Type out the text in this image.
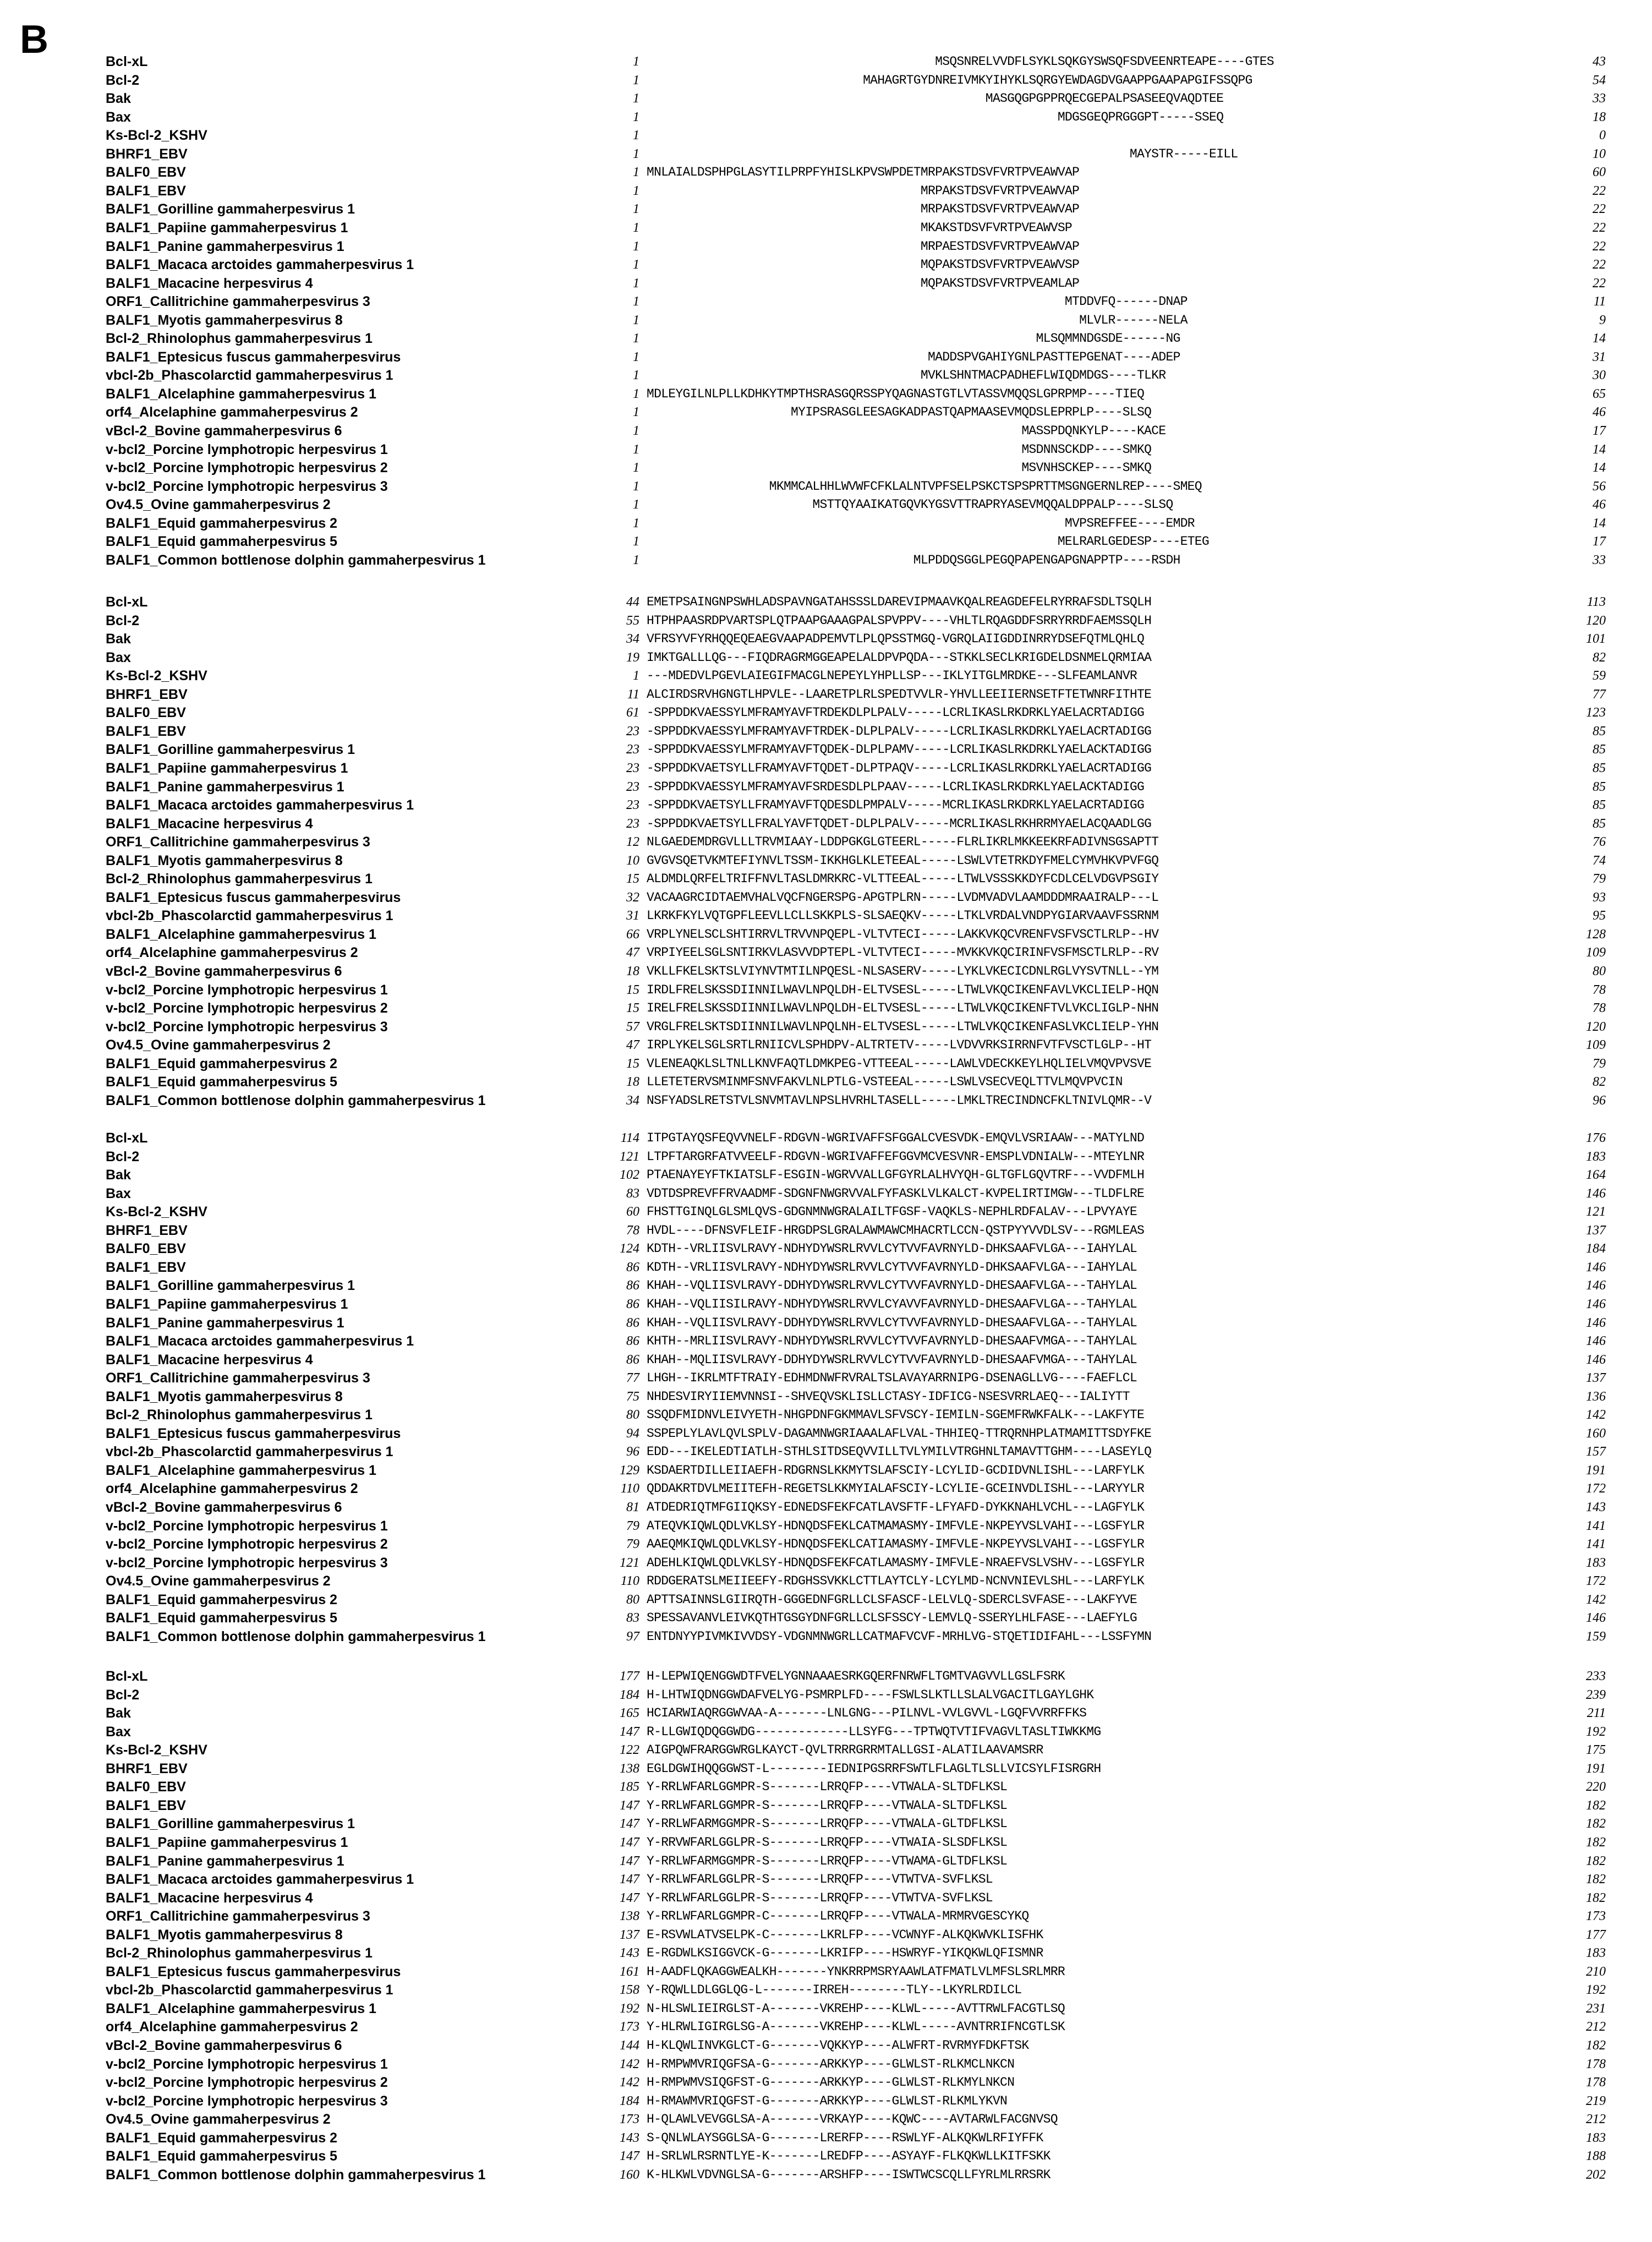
B	Bcl-xL	1 MSQSNRELVVDFLSYKLSQKGYSWSQFSDVEENRTEAPE----GTES	43
Bcl-2	1 MAHAGRTGYDNREIVMKYIHYKLSQRGYEWDAGDVGAAPPGAAPAPGIFSSQPG	54
Bak	1 MASGQGPGPPRQECGEPALPSASEEQVAQDTEE	33
Bax	1 MDGSGEQPRGGGPT-----SSEQ	18
Ks-Bcl-2_KSHV	1	0
BHRF1_EBV	1 MAYSTR-----EILL	10
BALF0_EBV	1 MNLAIALDSPHPGLASYTILPRPFYHISLKPVSWPDETMRPAKSTDSVFVRTPVEAWVAP	60
BALF1_EBV	1 MRPAKSTDSVFVRTPVEAWVAP	22
BALF1_Gorilline gammaherpesvirus 1	1 MRPAKSTDSVFVRTPVEAWVAP	22
BALF1_Papiine gammaherpesvirus 1	1 MKAKSTDSVFVRTPVEAWVSP	22
BALF1_Panine gammaherpesvirus 1	1 MRPAESTDSVFVRTPVEAWVAP	22
BALF1_Macaca arctoides gammaherpesvirus 1	1 MQPAKSTDSVFVRTPVEAWVSP	22
BALF1_Macacine herpesvirus 4	1 MQPAKSTDSVFVRTPVEAMLAP	22
ORF1_Callitrichine gammaherpesvirus 3	1 MTDDVFQ------DNAP	11
BALF1_Myotis gammaherpesvirus 8	1 MLVLR------NELA	9
Bcl-2_Rhinolophus gammaherpesvirus 1	1 MLSQMMNDGSDE------NG	14
BALF1_Eptesicus fuscus gammaherpesvirus	1 MADDSPVGAHIYGNLPASTTEPGENAT----ADEP	31
vbcl-2b_Phascolarctid gammaherpesvirus 1	1 MVKLSHNTMACPADHEFLWIQDMDGS----TLKR	30
BALF1_Alcelaphine gammaherpesvirus 1	1 MDLEYGILNLPLLKDHKYTMPTHSRASGQRSSPYQAGNASTGTLVTASSVMQQSLGPRPMP----TIEQ	65
orf4_Alcelaphine gammaherpesvirus 2	1 MYIPSRASGLEESAGKADPASTQAPMAASEVMQDSLEPRPLP----SLSQ	46
vBcl-2_Bovine gammaherpesvirus 6	1 MASSPDQNKYLP----KACE	17
v-bcl2_Porcine lymphotropic herpesvirus 1	1 MSDNNSCKDP----SMKQ	14
v-bcl2_Porcine lymphotropic herpesvirus 2	1 MSVNHSCKEP----SMKQ	14
v-bcl2_Porcine lymphotropic herpesvirus 3	1 MKMMCALHHLWVWFCFKLALNTVPFSELPSKCTSPSPRTTMSGNGERNLREP----SMEQ	56
Ov4.5_Ovine gammaherpesvirus 2	1 MSTTQYAAIKATGQVKYGSVTTRAPRYASEVMQQALDPPALP----SLSQ	46
BALF1_Equid gammaherpesvirus 2	1 MVPSREFFEE----EMDR	14
BALF1_Equid gammaherpesvirus 5	1 MELRARLGEDESP----ETEG	17
BALF1_Common bottlenose dolphin gammaherpesvirus 1	1 MLPDDQSGGLPEGQPAPENGAPGNAPPTP----RSDH	33
Bcl-xL	44 EMETPSAINGNPSWHLADSPAVNGATAHSSSLDAREVIPMAAVKQALREAGDEFELRYRRAFSDLTSQLH	113
Bcl-2	55 HTPHPAASRDPVARTSPLQTPAAPGAAAGPALSPVPPV----VHLTLRQAGDDFSRRYRRDFAEMSSQLH	120
Bak	34 VFRSYVFYRHQQEQEAEGVAAPADPEMVTLPLQPSSTMGQ-VGRQLAIIGDDINRRYDSEFQTMLQHLQ	101
Bax	19 IMKTGALLLQG---FIQDRAGRMGGEAPELALDPVPQDA---STKKLSECLKRIGDELDSNMELQRMIAA	82
Ks-Bcl-2_KSHV	1 ---MDEDVLPGEVLAIEGIFMACGLNEPEYLYHPLLSP---IKLYITGLMRDKE---SLFEAMLANVR	59
BHRF1_EBV	11 ALCIRDSRVHGNGTLHPVLE--LAARETPLRLSPEDTVVLR-YHVLLEEIIERNSETFTETWNRFITHTE	77
BALF0_EBV	61 -SPPDDKVAESSYLMFRAMYAVFTRDEKDLPLPALV-----LCRLIKASLRKDRKLYAELACRTADIGG	123
BALF1_EBV	23 -SPPDDKVAESSYLMFRAMYAVFTRDEK-DLPLPALV-----LCRLIKASLRKDRKLYAELACRTADIGG	85
BALF1_Gorilline gammaherpesvirus 1	23 -SPPDDKVAESSYLMFRAMYAVFTQDEK-DLPLPAMV-----LCRLIKASLRKDRKLYAELACKTADIGG	85
BALF1_Papiine gammaherpesvirus 1	23 -SPPDDKVAETSYLLFRAMYAVFTQDET-DLPTPAQV-----LCRLIKASLRKDRKLYAELACRTADIGG	85
BALF1_Panine gammaherpesvirus 1	23 -SPPDDKVAESSYLMFRAMYAVFSRDESDLPLPAAV-----LCRLIKASLRKDRKLYAELACKTADIGG	85
BALF1_Macaca arctoides gammaherpesvirus 1	23 -SPPDDKVAETSYLLFRAMYAVFTQDESDLPMPALV-----MCRLIKASLRKDRKLYAELACRTADIGG	85
BALF1_Macacine herpesvirus 4	23 -SPPDDKVAETSYLLFRALYAVFTQDET-DLPLPALV-----MCRLIKASLRKHRRMYAELACQAADLGG	85
ORF1_Callitrichine gammaherpesvirus 3	12 NLGAEDEMDRGVLLLTRVMIAAY-LDDPGKGLGTEERL-----FLRLIKRLMKKEEKRFADIVNSGSAPTT	76
BALF1_Myotis gammaherpesvirus 8	10 GVGVSQETVKMTEFIYNVLTSSM-IKKHGLKLETEEAL-----LSWLVTETRKDYFMELCYMVHKVPVFGQ	74
Bcl-2_Rhinolophus gammaherpesvirus 1	15 ALDMDLQRFELTRIFFNVLTASLDMRKRC-VLTTEEAL-----LTWLVSSSKKDYFCDLCELVDGVPSGIY	79
BALF1_Eptesicus fuscus gammaherpesvirus	32 VACAAGRCIDTAEMVHALVQCFNGERSPG-APGTPLRN-----LVDMVADVLAAMDDDMRAAIRALP---L	93
vbcl-2b_Phascolarctid gammaherpesvirus 1	31 LKRKFKYLVQTGPFLEEVLLCLLSKKPLS-SLSAEQKV-----LTKLVRDALVNDPYGIARVAAVFSSRNM	95
BALF1_Alcelaphine gammaherpesvirus 1	66 VRPLYNELSCLSHTIRRVLTRVVNPQEPL-VLTVTECI-----LAKKVKQCVRENFVSFVSCTLRLP--HV	128
orf4_Alcelaphine gammaherpesvirus 2	47 VRPIYEELSGLSNTIRKVLASVVDPTEPL-VLTVTECI-----MVKKVKQCIRINFVSFMSCTLRLP--RV	109
vBcl-2_Bovine gammaherpesvirus 6	18 VKLLFKELSKTSLVIYNVTMTILNPQESL-NLSASERV-----LYKLVKECICDNLRGLVYSVTNLL--YM	80
v-bcl2_Porcine lymphotropic herpesvirus 1	15 IRDLFRELSKSSDIINNILWAVLNPQLDH-ELTVSESL-----LTWLVKQCIKENFAVLVKCLIELP-HQN	78
v-bcl2_Porcine lymphotropic herpesvirus 2	15 IRELFRELSKSSDIINNILWAVLNPQLDH-ELTVSESL-----LTWLVKQCIKENFTVLVKCLIGLP-NHN	78
v-bcl2_Porcine lymphotropic herpesvirus 3	57 VRGLFRELSKTSDIINNILWAVLNPQLNH-ELTVSESL-----LTWLVKQCIKENFASLVKCLIELP-YHN	120
Ov4.5_Ovine gammaherpesvirus 2	47 IRPLYKELSGLSRTLRNIICVLSPHDPV-ALTRTETV-----LVDVVRKSIRRNFVTFVSCTLGLP--HT	109
BALF1_Equid gammaherpesvirus 2	15 VLENEAQKLSLTNLLKNVFAQTLDMKPEG-VTTEEAL-----LAWLVDECKKEYLHQLIELVMQVPVSVE	79
BALF1_Equid gammaherpesvirus 5	18 LLETETERVSMINMFSNVFAKVLNLPTLG-VSTEEAL-----LSWLVSECVEQLTTVLMQVPVCIN	82
BALF1_Common bottlenose dolphin gammaherpesvirus 1	34 NSFYADSLRETSTVLSNVMTAVLNPSLHVRHLTASELL-----LMKLTRECINDNCFKLTNIVLQMR--V	96
Bcl-xL	114 ITPGTAYQSFEQVVNELF-RDGVN-WGRIVAFFSFGGALCVESVDK-EMQVLVSRIAAW---MATYLND	176
Bcl-2	121 LTPFTARGRFATVVEELF-RDGVN-WGRIVAFFEFGGVMCVESVNR-EMSPLVDNIALW---MTEYLNR	183
Bak	102 PTAENAYEYFTKIATSLF-ESGIN-WGRVVALLGFGYRLALHVYQH-GLTGFLGQVTRF---VVDFMLH	164
Bax	83 VDTDSPREVFFRVAADMF-SDGNFNWGRVVALFYFASKLVLKALCT-KVPELIRTIMGW---TLDFLRE	146
Ks-Bcl-2_KSHV	60 FHSTTGINQLGLSMLQVS-GDGNMNWGRALAILTFGSF-VAQKLS-NEPHLRDFALAV---LPVYAYE	121
BHRF1_EBV	78 HVDL----DFNSVFLEIF-HRGDPSLGRALAWMAWCMHACRTLCCN-QSTPYYVVDLSV---RGMLEAS	137
BALF0_EBV	124 KDTH--VRLIISVLRAVY-NDHYDYWSRLRVVLCYTVVFAVRNYLD-DHKSAAFVLGA---IAHYLAL	184
BALF1_EBV	86 KDTH--VRLIISVLRAVY-NDHYDYWSRLRVVLCYTVVFAVRNYLD-DHKSAAFVLGA---IAHYLAL	146
BALF1_Gorilline gammaherpesvirus 1	86 KHAH--VQLIISVLRAVY-DDHYDYWSRLRVVLCYTVVFAVRNYLD-DHESAAFVLGA---TAHYLAL	146
BALF1_Papiine gammaherpesvirus 1	86 KHAH--VQLIISILRAVY-NDHYDYWSRLRVVLCYAVVFAVRNYLD-DHESAAFVLGA---TAHYLAL	146
BALF1_Panine gammaherpesvirus 1	86 KHAH--VQLIISVLRAVY-DDHYDYWSRLRVVLCYTVVFAVRNYLD-DHESAAFVLGA---TAHYLAL	146
BALF1_Macaca arctoides gammaherpesvirus 1	86 KHTH--MRLIISVLRAVY-NDHYDYWSRLRVVLCYTVVFAVRNYLD-DHESAAFVMGA---TAHYLAL	146
BALF1_Macacine herpesvirus 4	86 KHAH--MQLIISVLRAVY-DDHYDYWSRLRVVLCYTVVFAVRNYLD-DHESAAFVMGA---TAHYLAL	146
ORF1_Callitrichine gammaherpesvirus 3	77 LHGH--IKRLMTFTRAIY-EDHMDNWFRVRALTSLAVAYARRNIPG-DSENAGLLVG----FAEFLCL	137
BALF1_Myotis gammaherpesvirus 8	75 NHDESVIRYIIEMVNNSI--SHVEQVSKLISLLCTASY-IDFICG-NSESVRRLAEQ---IALIYTT	136
Bcl-2_Rhinolophus gammaherpesvirus 1	80 SSQDFMIDNVLEIVYETH-NHGPDNFGKMMAVLSFVSCY-IEMILN-SGEMFRWKFALK---LAKFYTE	142
BALF1_Eptesicus fuscus gammaherpesvirus	94 SSPEPLYLAVLQVLSPLV-DAGAMNWGRIAAALAFLVAL-THHIEQ-TTRQRNHPLATMAMITTSDYFKE	160
vbcl-2b_Phascolarctid gammaherpesvirus 1	96 EDD---IKELEDTIATLH-STHLSITDSEQVVILLTVLYMILVTRGHNLTAMAVTTGHM----LASEYLQ	157
BALF1_Alcelaphine gammaherpesvirus 1	129 KSDAERTDILLEIIAEFH-RDGRNSLKKMYTSLAFSCIY-LCYLID-GCDIDVNLISHL---LARFYLK	191
orf4_Alcelaphine gammaherpesvirus 2	110 QDDAKRTDVLMEIITEFH-REGETSLKKMYIALAFSCIY-LCYLIE-GCEINVDLISHL---LARYYLR	172
vBcl-2_Bovine gammaherpesvirus 6	81 ATDEDRIQTMFGIIQKSY-EDNEDSFEKFCATLAVSFTF-LFYAFD-DYKKNAHLVCHL---LAGFYLK	143
v-bcl2_Porcine lymphotropic herpesvirus 1	79 ATEQVKIQWLQDLVKLSY-HDNQDSFEKLCATMAMASMY-IMFVLE-NKPEYVSLVAHI---LGSFYLR	141
v-bcl2_Porcine lymphotropic herpesvirus 2	79 AAEQMKIQWLQDLVKLSY-HDNQDSFEKLCATIAMASMY-IMFVLE-NKPEYVSLVAHI---LGSFYLR	141
v-bcl2_Porcine lymphotropic herpesvirus 3	121 ADEHLKIQWLQDLVKLSY-HDNQDSFEKFCATLAMASMY-IMFVLE-NRAEFVSLVSHV---LGSFYLR	183
Ov4.5_Ovine gammaherpesvirus 2	110 RDDGERATSLMEIIEEFY-RDGHSSVKKLCTTLAYTCLY-LCYLMD-NCNVNIEVLSHL---LARFYLK	172
BALF1_Equid gammaherpesvirus 2	80 APTTSAINNSLGIIRQTH-GGGEDNFGRLLCLSFASCF-LELVLQ-SDERCLSVFASE---LAKFYVE	142
BALF1_Equid gammaherpesvirus 5	83 SPESSAVANVLEIVKQTHTGSGYDNFGRLLCLSFSSCY-LEMVLQ-SSERYLHLFASE---LAEFYLG	146
BALF1_Common bottlenose dolphin gammaherpesvirus 1	97 ENTDNYYPIVMKIVVDSY-VDGNMNWGRLLCATMAFVCVF-MRHLVG-STQETIDIFAHL---LSSFYMN	159
Bcl-xL	177 H-LEPWIQENGGWDTFVELYGNNAAAESRKGQERFNRWFLTGMTVAGVVLLGSLFSRK	233
Bcl-2	184 H-LHTWIQDNGGWDAFVELYG-PSMRPLFD----FSWLSLKTLLSLALVGACITLGAYLGHK	239
Bak	165 HCIARWIAQRGGWVAA-A-------LNLGNG---PILNVL-VVLGVVL-LGQFVVRRFFKS	211
Bax	147 R-LLGWIQDQGGWDG-------------LLSYFG---TPTWQTVTIFVAGVLTASLTIWKKMG	192
Ks-Bcl-2_KSHV	122 AIGPQWFRARGGWRGLKAYCT-QVLTRRRGRRMTALLGSI-ALATILAAVAMSRR	175
BHRF1_EBV	138 EGLDGWIHQQGGWST-L--------IEDNIPGSRRFSWTLFLAGLTLSLLVICSYLFISRGRH	191
BALF0_EBV	185 Y-RRLWFARLGGMPR-S-------LRRQFP----VTWALA-SLTDFLKSL	220
BALF1_EBV	147 Y-RRLWFARLGGMPR-S-------LRRQFP----VTWALA-SLTDFLKSL	182
BALF1_Gorilline gammaherpesvirus 1	147 Y-RRLWFARMGGMPR-S-------LRRQFP----VTWALA-GLTDFLKSL	182
BALF1_Papiine gammaherpesvirus 1	147 Y-RRVWFARLGGLPR-S-------LRRQFP----VTWAIA-SLSDFLKSL	182
BALF1_Panine gammaherpesvirus 1	147 Y-RRLWFARMGGMPR-S-------LRRQFP----VTWAMA-GLTDFLKSL	182
BALF1_Macaca arctoides gammaherpesvirus 1	147 Y-RRLWFARLGGLPR-S-------LRRQFP----VTWTVA-SVFLKSL	182
BALF1_Macacine herpesvirus 4	147 Y-RRLWFARLGGLPR-S-------LRRQFP----VTWTVA-SVFLKSL	182
ORF1_Callitrichine gammaherpesvirus 3	138 Y-RRLWFARLGGMPR-C-------LRRQFP----VTWALA-MRMRVGESCYKQ	173
BALF1_Myotis gammaherpesvirus 8	137 E-RSVWLATVSELPK-C-------LKRLFP----VCWNYF-ALKQKWVKLISFHK	177
Bcl-2_Rhinolophus gammaherpesvirus 1	143 E-RGDWLKSIGGVCK-G-------LKRIFP----HSWRYF-YIKQKWLQFISMNR	183
BALF1_Eptesicus fuscus gammaherpesvirus	161 H-AADFLQKAGGWEALKH-------YNKRRPMSRYAAWLATFMATLVLMFSLSRLMRR	210
vbcl-2b_Phascolarctid gammaherpesvirus 1	158 Y-RQWLLDLGGLQG-L-------IRREH--------TLY--LKYRLRDILCL	192
BALF1_Alcelaphine gammaherpesvirus 1	192 N-HLSWLIEIRGLST-A-------VKREHP----KLWL-----AVTTRWLFACGTLSQ	231
orf4_Alcelaphine gammaherpesvirus 2	173 Y-HLRWLIGIRGLSG-A-------VKREHP----KLWL-----AVNTRRIFNCGTLSK	212
vBcl-2_Bovine gammaherpesvirus 6	144 H-KLQWLINVKGLCT-G-------VQKKYP----ALWFRT-RVRMYFDKFTSK	182
v-bcl2_Porcine lymphotropic herpesvirus 1	142 H-RMPWMVRIQGFSA-G-------ARKKYP----GLWLST-RLKMCLNKCN	178
v-bcl2_Porcine lymphotropic herpesvirus 2	142 H-RMPWMVSIQGFST-G-------ARKKYP----GLWLST-RLKMYLNKCN	178
v-bcl2_Porcine lymphotropic herpesvirus 3	184 H-RMAWMVRIQGFST-G-------ARKKYP----GLWLST-RLKMLYKVN	219
Ov4.5_Ovine gammaherpesvirus 2	173 H-QLAWLVEVGGLSA-A-------VRKAYP----KQWC----AVTARWLFACGNVSQ	212
BALF1_Equid gammaherpesvirus 2	143 S-QNLWLAYSGGLSA-G-------LRERFP----RSWLYF-ALKQKWLRFIYFFK	183
BALF1_Equid gammaherpesvirus 5	147 H-SRLWLRSRNTLYE-K-------LREDFP----ASYAYF-FLKQKWLLKITFSKK	188
BALF1_Common bottlenose dolphin gammaherpesvirus 1	160 K-HLKWLVDVNGLSA-G-------ARSHFP----ISWTWCSCQLLFYRLMLRRSRK	202
